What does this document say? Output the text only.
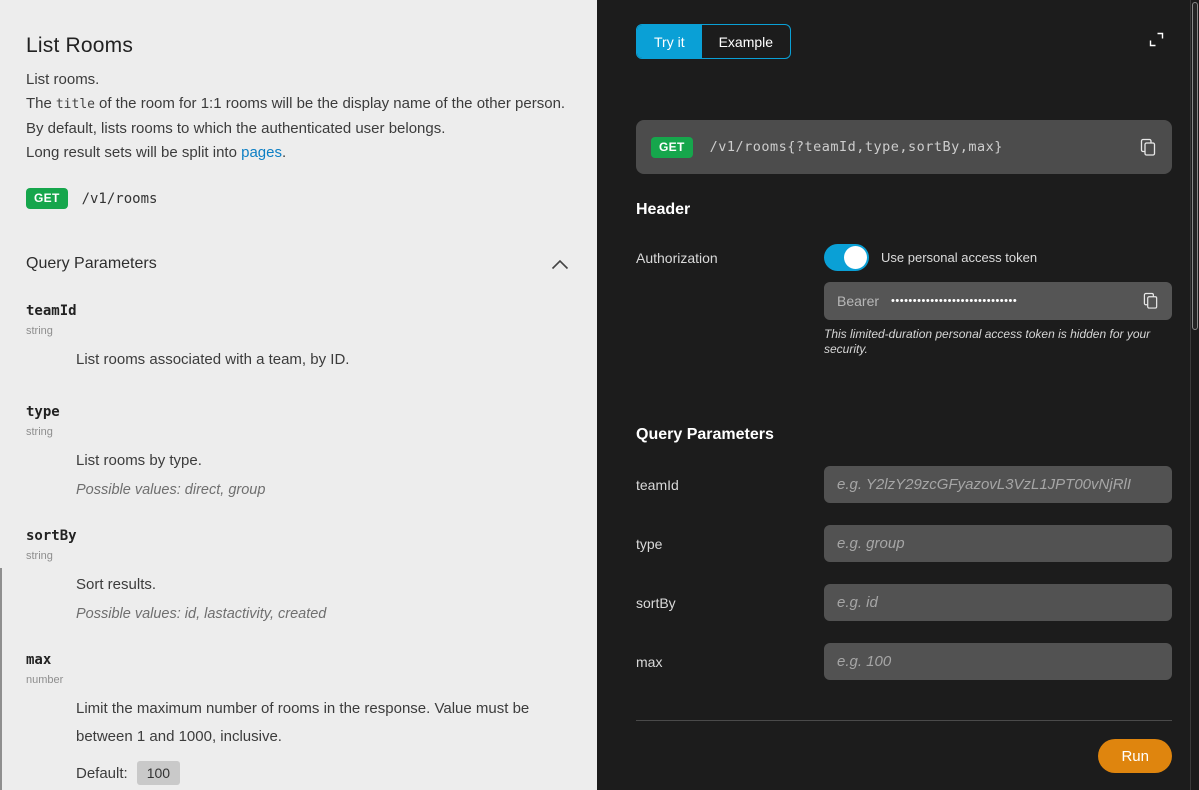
List Rooms
List rooms.
The title of the room for 1:1 rooms will be the display name of the other person.
By default, lists rooms to which the authenticated user belongs.
Long result sets will be split into pages.
GET	/v1/rooms
Query Parameters
teamId
string
List rooms associated with a team, by ID.
type
string
List rooms by type.
Possible values: direct, group
sortBy
string
Sort results.
Possible values: id, lastactivity, created
max
number
Limit the maximum number of rooms in the response. Value must be between 1 and 1000, inclusive.
Default:	100
Try it	Example
GET	/v1/rooms{?teamId,type,sortBy,max}
Header
Authorization	Use personal access token
Bearer •••••••••••••••••••••••••••••

This limited-duration personal access token is hidden for your security.

Query Parameters
teamId
e.g. Y2lzY29zcGFyazovL3VzL1JPT00vNjRlI
type
e.g. group
sortBy
e.g. id
max
e.g. 100
Run
